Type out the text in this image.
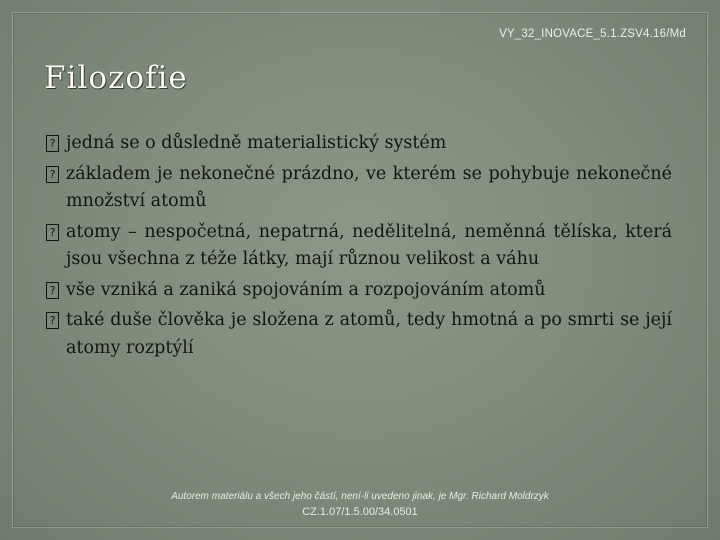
VY_32_INOVACE_5.1.ZSV4.16/Md
Filozofie
? jedná se o důsledně materialistický systém
? základem je nekonečné prázdno, ve kterém se pohybuje nekonečné množství atomů
? atomy – nespočetná, nepatrná, nedělitelná, neměnná tělíska, která jsou všechna z téže látky, mají různou velikost a váhu
? vše vzniká a zaniká spojováním a rozpojováním atomů
? také duše člověka je složena z atomů, tedy hmotná a po smrti se její atomy rozptýlí
Autorem materiálu a všech jeho částí, není-li uvedeno jinak, je Mgr. Richard Moldrzyk
CZ.1.07/1.5.00/34.0501
